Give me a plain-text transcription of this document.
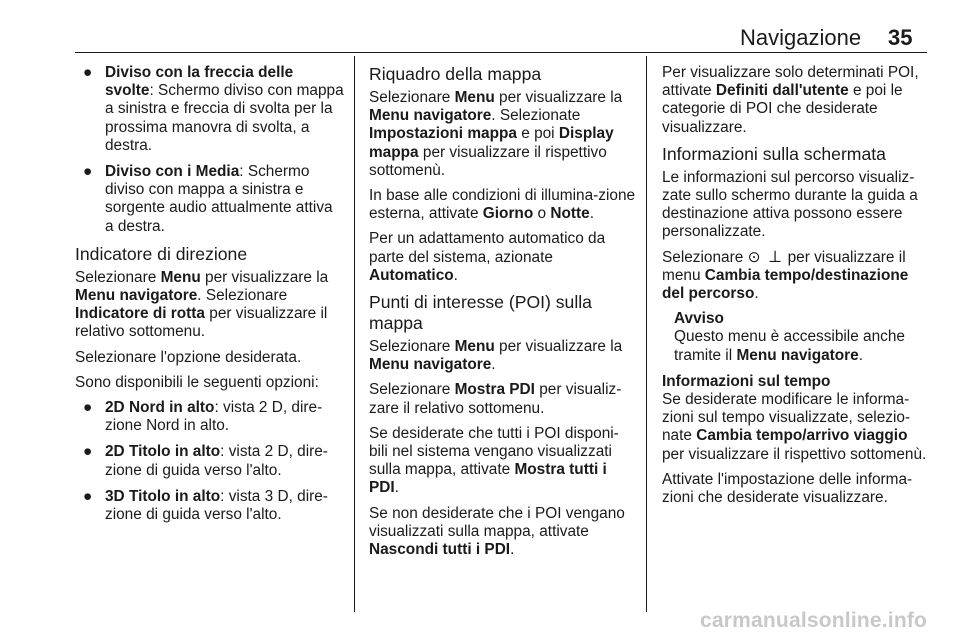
Navigazione 35
● Diviso con la freccia delle svolte: Schermo diviso con mappa a sinistra e freccia di svolta per la prossima manovra di svolta, a destra.
● Diviso con i Media: Schermo diviso con mappa a sinistra e sorgente audio attualmente attiva a destra.
Indicatore di direzione

Selezionare Menu per visualizzare la Menu navigatore. Selezionare Indicatore di rotta per visualizzare il relativo sottomenu.

Selezionare l'opzione desiderata.

Sono disponibili le seguenti opzioni:

● 2D Nord in alto: vista 2 D, dire-zione Nord in alto.
● 2D Titolo in alto: vista 2 D, dire-zione di guida verso l'alto.
● 3D Titolo in alto: vista 3 D, dire-zione di guida verso l'alto.
Riquadro della mappa

Selezionare Menu per visualizzare la Menu navigatore. Selezionate Impostazioni mappa e poi Display mappa per visualizzare il rispettivo sottomenù.

In base alle condizioni di illumina-zione esterna, attivate Giorno o Notte.

Per un adattamento automatico da parte del sistema, azionate Automatico.

Punti di interesse (POI) sulla mappa

Selezionare Menu per visualizzare la Menu navigatore.

Selezionare Mostra PDI per visualiz-zare il relativo sottomenu.

Se desiderate che tutti i POI disponi-bili nel sistema vengano visualizzati sulla mappa, attivate Mostra tutti i PDI.

Se non desiderate che i POI vengano visualizzati sulla mappa, attivate Nascondi tutti i PDI.

Per visualizzare solo determinati POI, attivate Definiti dall'utente e poi le categorie di POI che desiderate visualizzare.

Informazioni sulla schermata

Le informazioni sul percorso visualiz-zate sullo schermo durante la guida a destinazione attiva possono essere personalizzate.

Selezionare ⊙ 𝍥 per visualizzare il menu Cambia tempo/destinazione del percorso.

Avviso
Questo menu è accessibile anche tramite il Menu navigatore.
Informazioni sul tempo

Se desiderate modificare le informa-zioni sul tempo visualizzate, selezio-nate Cambia tempo/arrivo viaggio per visualizzare il rispettivo sottomenù.

Attivate l'impostazione delle informa-zioni che desiderate visualizzare.

carmanualsonline.info
